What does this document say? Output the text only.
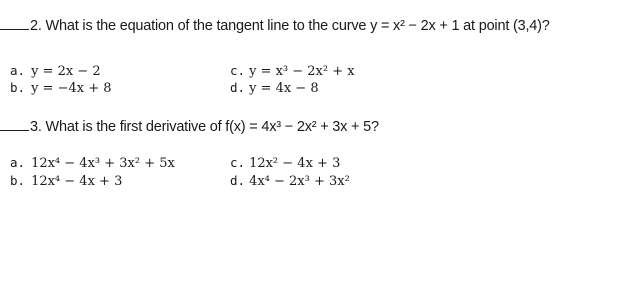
2. What is the equation of the tangent line to the curve y = x² − 2x + 1 at point (3,4)?
a. y = 2x − 2
b. y = −4x + 8
c. y = x³ − 2x² + x
d. y = 4x − 8
3. What is the first derivative of f(x) = 4x³ − 2x² + 3x + 5?
a. 12x⁴ − 4x³ + 3x² + 5x
b. 12x⁴ − 4x + 3
c. 12x² − 4x + 3
d. 4x⁴ − 2x³ + 3x²
